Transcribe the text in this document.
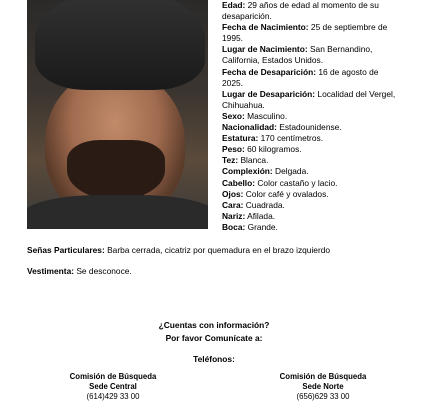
Edad: 29 años de edad al momento de su
desaparición.
Fecha de Nacimiento: 25 de septiembre de
1995.
Lugar de Nacimiento: San Bernandino,
California, Estados Unidos.
Fecha de Desaparición: 16 de agosto de
2025.
Lugar de Desaparición: Localidad del Vergel,
Chihuahua.
Sexo: Masculino.
Nacionalidad: Estadounidense.
Estatura: 170 centímetros.
Peso: 60 kilogramos.
Tez: Blanca.
Complexión: Delgada.
Cabello: Color castaño y lacio.
Ojos: Color café y ovalados.
Cara: Cuadrada.
Nariz: Afilada.
Boca: Grande.
Señas Particulares: Barba cerrada, cicatriz por quemadura en el brazo izquierdo
Vestimenta: Se desconoce.
¿Cuentas con información?
Por favor Comunícate a:
Teléfonos:
Comisión de Búsqueda
Sede Central
(614)429 33 00
Comisión de Búsqueda
Sede Norte
(656)629 33 00
